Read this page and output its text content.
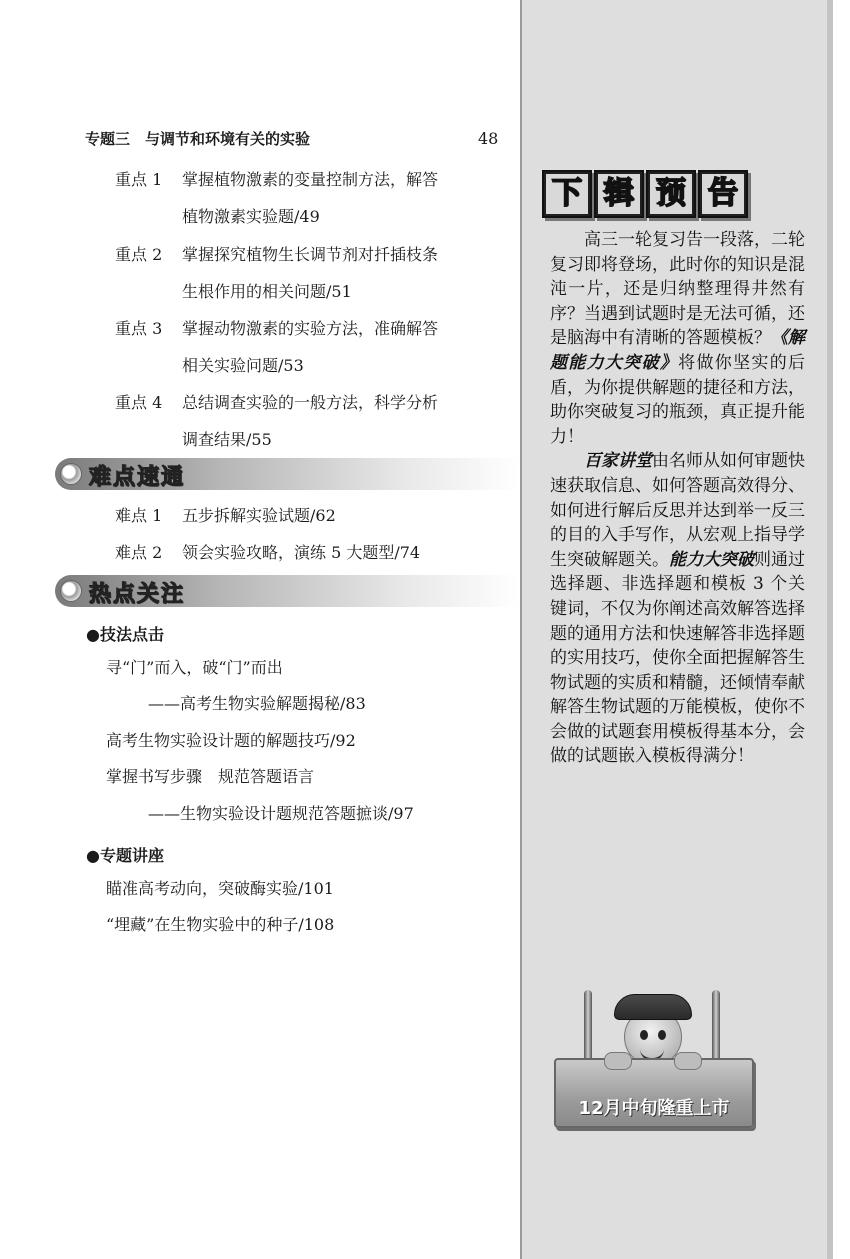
专题三　与调节和环境有关的实验	48
重点 1 掌握植物激素的变量控制方法，解答
植物激素实验题/49
重点 2 掌握探究植物生长调节剂对扦插枝条
生根作用的相关问题/51
重点 3 掌握动物激素的实验方法，准确解答
相关实验问题/53
重点 4 总结调查实验的一般方法，科学分析
调查结果/55
难点速通
难点 1 五步拆解实验试题/62
难点 2 领会实验攻略，演练 5 大题型/74
热点关注
●技法点击
寻“门”而入，破“门”而出
——高考生物实验解题揭秘/83
高考生物实验设计题的解题技巧/92
掌握书写步骤　规范答题语言
——生物实验设计题规范答题摭谈/97
●专题讲座
瞄准高考动向，突破酶实验/101
“埋藏”在生物实验中的种子/108
下 辑 预 告

高三一轮复习告一段落，二轮复习即将登场，此时你的知识是混沌一片，还是归纳整理得井然有序？当遇到试题时是无法可循，还是脑海中有清晰的答题模板？《解题能力大突破》将做你坚实的后盾，为你提供解题的捷径和方法，助你突破复习的瓶颈，真正提升能力！

百家讲堂由名师从如何审题快速获取信息、如何答题高效得分、如何进行解后反思并达到举一反三的目的入手写作，从宏观上指导学生突破解题关。能力大突破则通过选择题、非选择题和模板 3 个关键词，不仅为你阐述高效解答选择题的通用方法和快速解答非选择题的实用技巧，使你全面把握解答生物试题的实质和精髓，还倾情奉献解答生物试题的万能模板，使你不会做的试题套用模板得基本分，会做的试题嵌入模板得满分！

12月中旬隆重上市
